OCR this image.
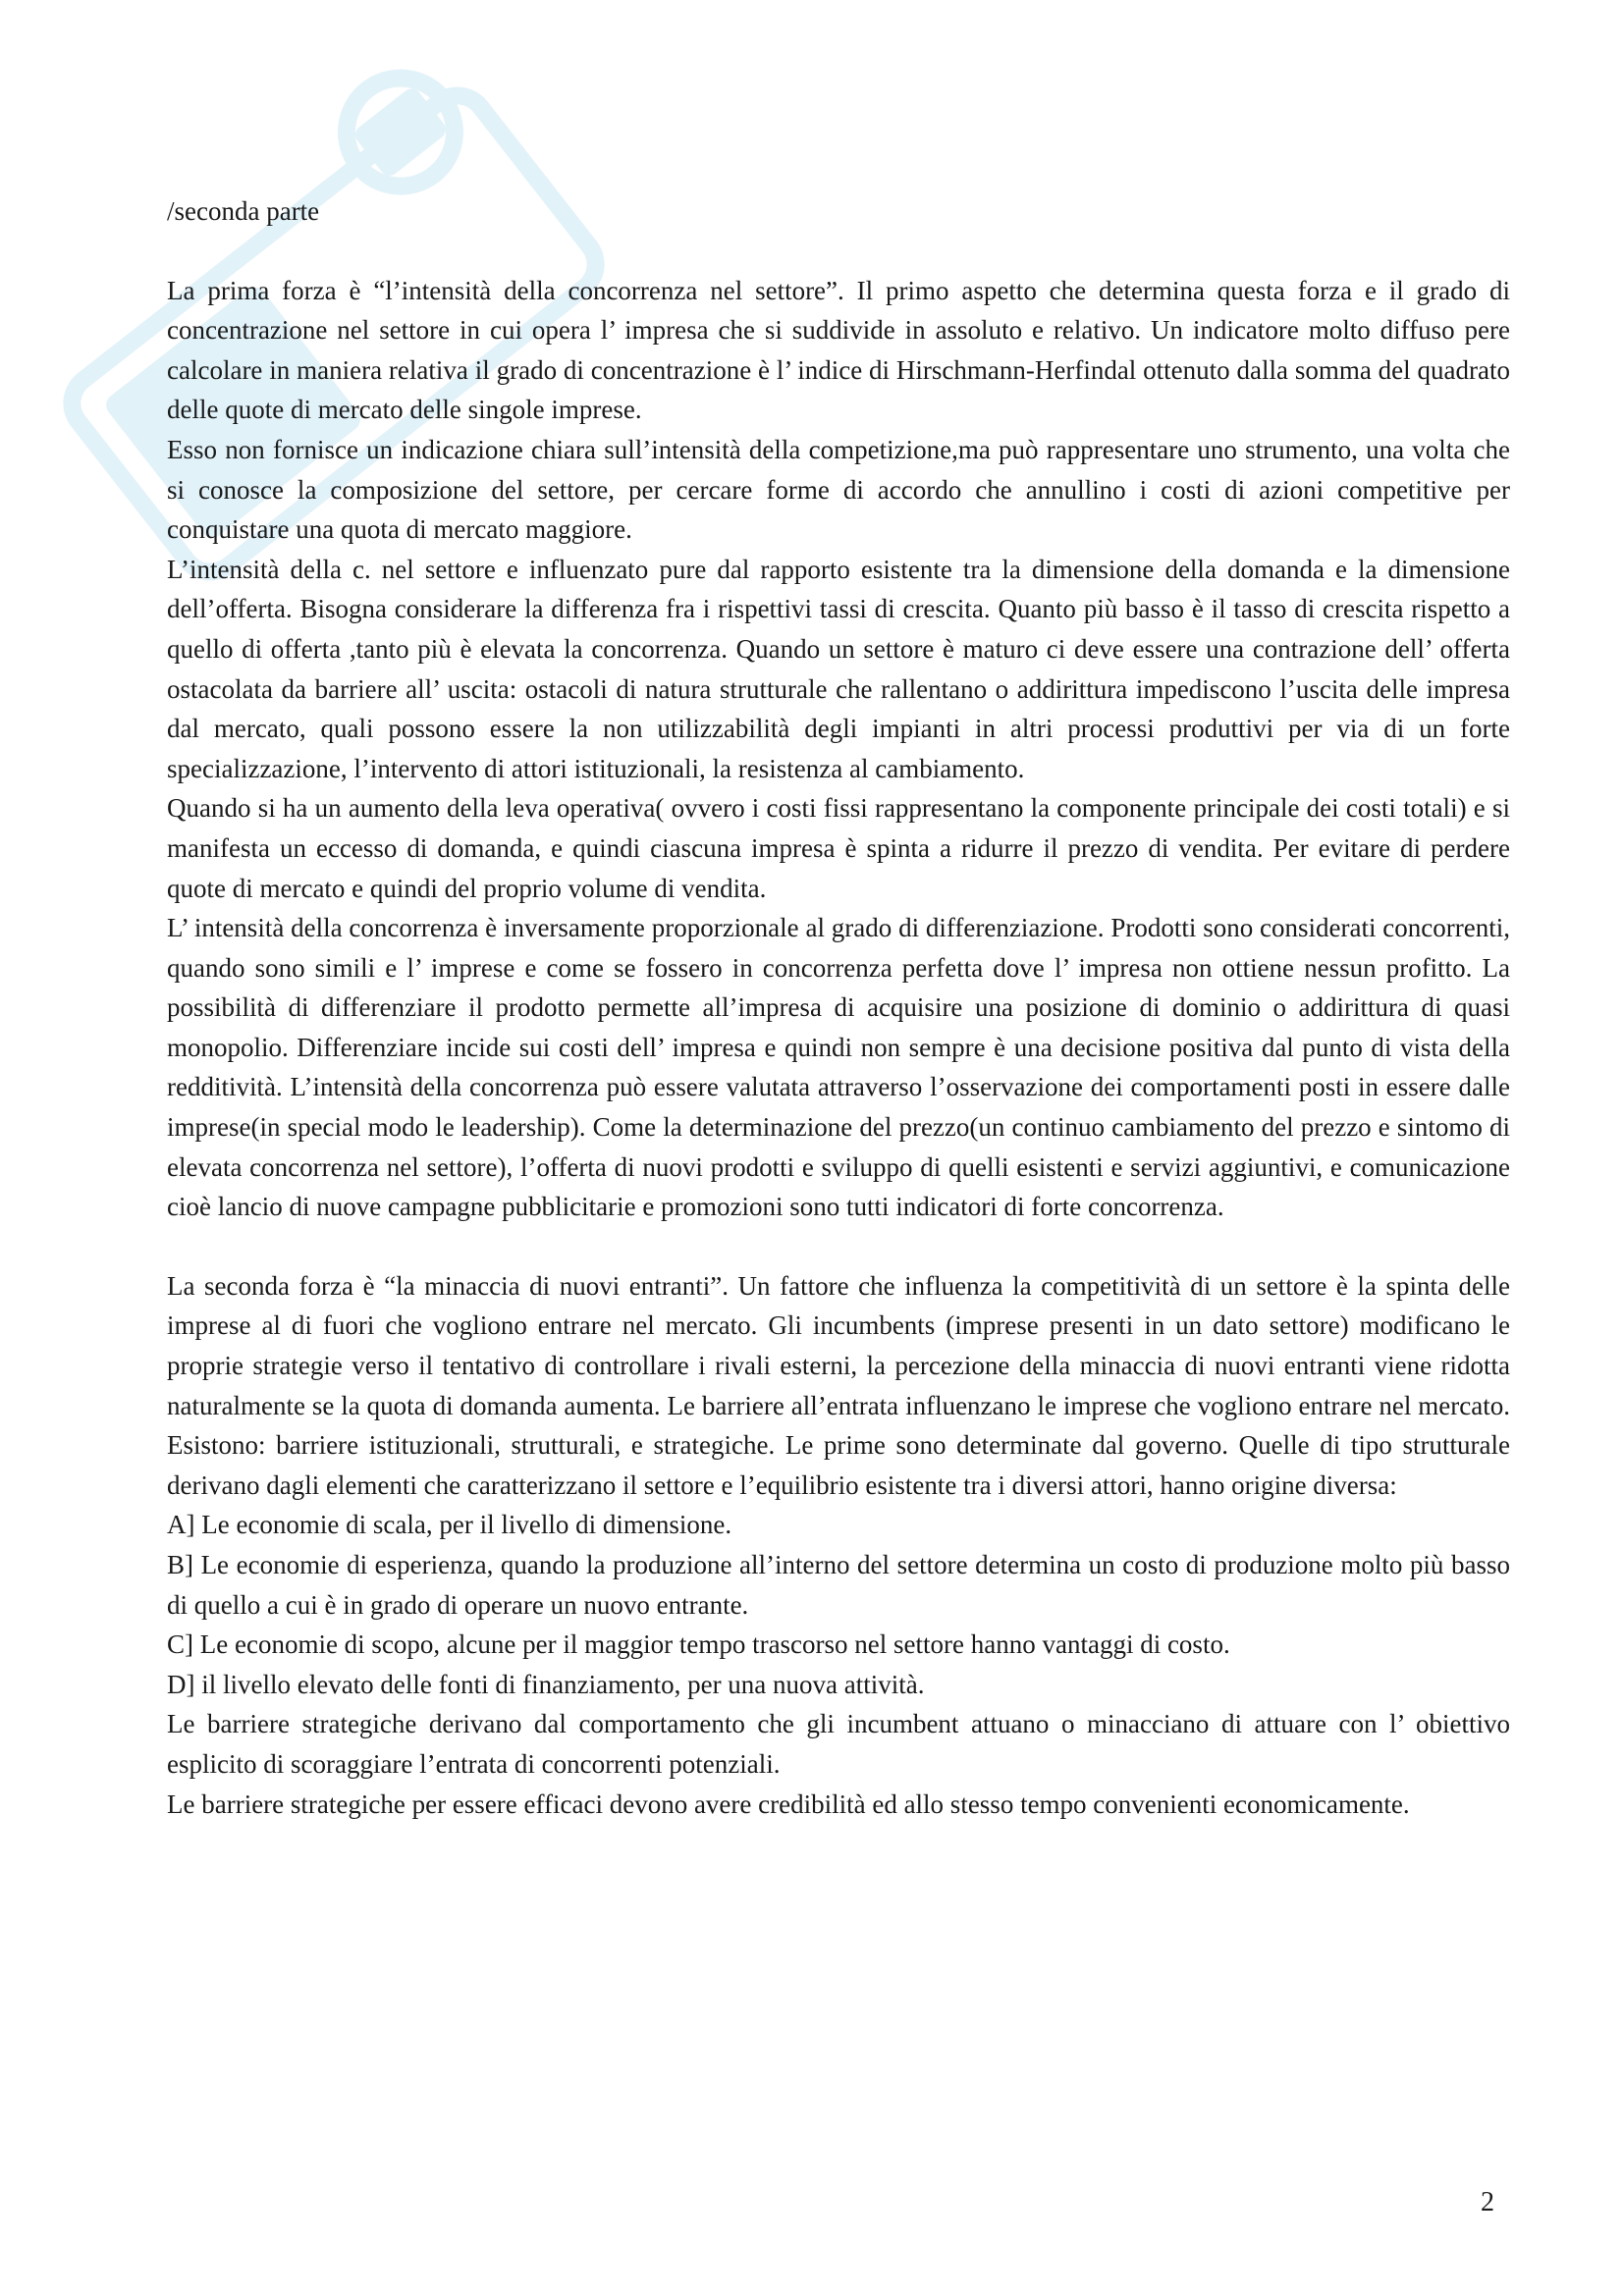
/seconda parte

La prima forza è “l’intensità della concorrenza nel settore”. Il primo aspetto che determina questa forza e il grado di concentrazione nel settore in cui opera l’ impresa che si suddivide in assoluto e relativo. Un indicatore molto diffuso pere calcolare in maniera relativa il grado di concentrazione è l’ indice di Hirschmann-Herfindal ottenuto dalla somma del quadrato delle quote di mercato delle singole imprese.

Esso non fornisce un indicazione chiara sull’intensità della competizione,ma può rappresentare uno strumento, una volta che si conosce la composizione del settore, per cercare forme di accordo che annullino i costi di azioni competitive per conquistare una quota di mercato maggiore.

L’intensità della c. nel settore e influenzato pure dal rapporto esistente tra la dimensione della domanda e la dimensione dell’offerta. Bisogna considerare la differenza fra i rispettivi tassi di crescita. Quanto più basso è il tasso di crescita rispetto a quello di offerta ,tanto più è elevata la concorrenza. Quando un settore è maturo ci deve essere una contrazione dell’ offerta ostacolata da barriere all’ uscita: ostacoli di natura strutturale che rallentano o addirittura impediscono l’uscita delle impresa dal mercato, quali possono essere la non utilizzabilità degli impianti in altri processi produttivi per via di un forte specializzazione, l’intervento di attori istituzionali, la resistenza al cambiamento.

Quando si ha un aumento della leva operativa( ovvero i costi fissi rappresentano la componente principale dei costi totali) e si manifesta un eccesso di domanda, e quindi ciascuna impresa è spinta a ridurre il prezzo di vendita. Per evitare di perdere quote di mercato e quindi del proprio volume di vendita.

L’ intensità della concorrenza è inversamente proporzionale al grado di differenziazione. Prodotti sono considerati concorrenti, quando sono simili e l’ imprese e come se fossero in concorrenza perfetta dove l’ impresa non ottiene nessun profitto. La possibilità di differenziare il prodotto permette all’impresa di acquisire una posizione di dominio o addirittura di quasi monopolio. Differenziare incide sui costi dell’ impresa e quindi non sempre è una decisione positiva dal punto di vista della redditività. L’intensità della concorrenza può essere valutata attraverso l’osservazione dei comportamenti posti in essere dalle imprese(in special modo le leadership). Come la determinazione del prezzo(un continuo cambiamento del prezzo e sintomo di elevata concorrenza nel settore), l’offerta di nuovi prodotti e sviluppo di quelli esistenti e servizi aggiuntivi, e comunicazione cioè lancio di nuove campagne pubblicitarie e promozioni sono tutti indicatori di forte concorrenza.

La seconda forza è “la minaccia di nuovi entranti”. Un fattore che influenza la competitività di un settore è la spinta delle imprese al di fuori che vogliono entrare nel mercato. Gli incumbents (imprese presenti in un dato settore) modificano le proprie strategie verso il tentativo di controllare i rivali esterni, la percezione della minaccia di nuovi entranti viene ridotta naturalmente se la quota di domanda aumenta. Le barriere all’entrata influenzano le imprese che vogliono entrare nel mercato. Esistono: barriere istituzionali, strutturali, e strategiche. Le prime sono determinate dal governo. Quelle di tipo strutturale derivano dagli elementi che caratterizzano il settore e l’equilibrio esistente tra i diversi attori, hanno origine diversa:

A] Le economie di scala, per il livello di dimensione.

B] Le economie di esperienza, quando la produzione all’interno del settore determina un costo di produzione molto più basso di quello a cui è in grado di operare un nuovo entrante.

C] Le economie di scopo, alcune per il maggior tempo trascorso nel settore hanno vantaggi di costo.

D] il livello elevato delle fonti di finanziamento, per una nuova attività.

Le barriere strategiche derivano dal comportamento che gli incumbent attuano o minacciano di attuare con l’ obiettivo esplicito di scoraggiare l’entrata di concorrenti potenziali.

Le barriere strategiche per essere efficaci devono avere credibilità ed allo stesso tempo convenienti economicamente.

2
